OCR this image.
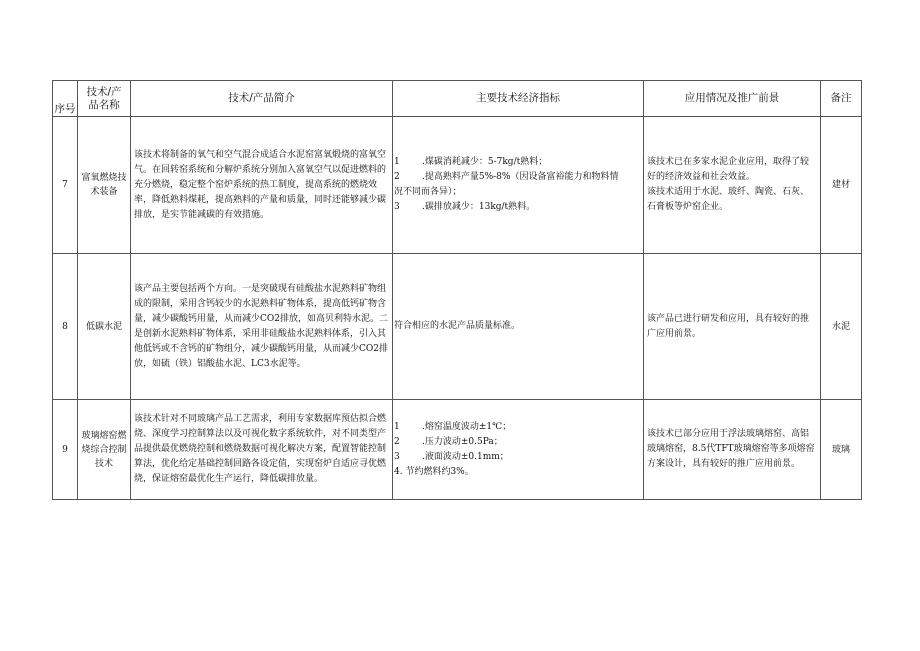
序号	技术/产品名称	技术/产品简介	主要技术经济指标	应用情况及推广前景	备注
7	富氧燃烧技术装备	该技术将制备的氧气和空气混合成适合水泥窑富氧煅烧的富氧空气。在回转窑系统和分解炉系统分别加入富氧空气以促进燃料的充分燃烧，稳定整个窑炉系统的热工制度，提高系统的燃烧效率，降低熟料煤耗，提高熟料的产量和质量，同时还能够减少碳排放，是实节能减碳的有效措施。	1 .煤碳消耗减少：5-7kg/t熟料；
2 .提高熟料产量5%-8%（因设备富裕能力和物料情
况不同而各异）；
3 .碳排放减少：13kg/t熟料。	该技术已在多家水泥企业应用，取得了较好的经济效益和社会效益。
该技术适用于水泥、玻纤、陶瓷、石灰、石膏板等炉窑企业。	建材
8	低碳水泥	该产品主要包括两个方向。一是突破现有硅酸盐水泥熟料矿物组成的限制，采用含钙较少的水泥熟料矿物体系，提高低钙矿物含量，减少碳酸钙用量，从而减少CO2排放，如高贝利特水泥。二是创新水泥熟料矿物体系，采用非硅酸盐水泥熟料体系，引入其他低钙或不含钙的矿物组分，减少碳酸钙用量，从而减少CO2排放，如硫（铁）铝酸盐水泥、LC3水泥等。	符合相应的水泥产品质量标准。	该产品已进行研发和应用，具有较好的推广应用前景。	水泥
9	玻璃熔窑燃烧综合控制技术	该技术针对不同玻璃产品工艺需求，利用专家数据库预估拟合燃烧、深度学习控制算法以及可视化数字系统软件，对不同类型产品提供最优燃烧控制和燃烧数据可视化解决方案，配置智能控制算法，优化给定基础控制回路各设定值，实现窑炉自适应寻优燃烧，保证熔窑最优化生产运行，降低碳排放量。	1 .熔窑温度波动±1℃；
2 .压力波动±0.5Pa；
3 .液面波动±0.1mm；
4. 节约燃料约3%。	该技术已部分应用于浮法玻璃熔窑、高铝玻璃熔窑，8.5代TFT玻璃熔窑等多项熔窑方案设计，具有较好的推广应用前景。	玻璃
